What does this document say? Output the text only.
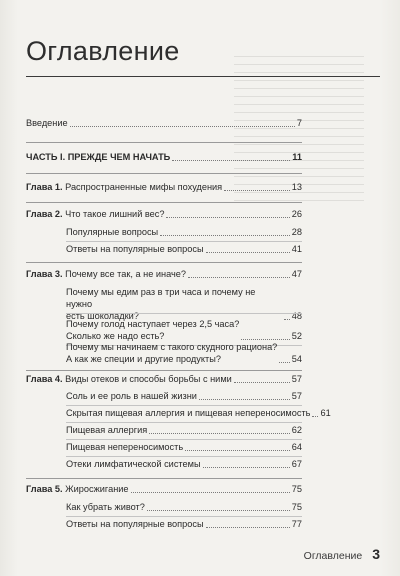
Оглавление
Введение	7
ЧАСТЬ I. ПРЕЖДЕ ЧЕМ НАЧАТЬ	11
Глава 1. Распространенные мифы похудения	13
Глава 2. Что такое лишний вес?	26
Популярные вопросы	28
Ответы на популярные вопросы	41
Глава 3. Почему все так, а не иначе?	47
Почему мы едим раз в три часа и почему не нужно
есть шоколадки?	48
Почему голод наступает через 2,5 часа?
Сколько же надо есть?	52
Почему мы начинаем с такого скудного рациона?
А как же специи и другие продукты?	54
Глава 4. Виды отеков и способы борьбы с ними	57
Соль и ее роль в нашей жизни	57
Скрытая пищевая аллергия и пищевая непереносимость 61
Пищевая аллергия	62
Пищевая непереносимость	64
Отеки лимфатической системы	67
Глава 5. Жиросжигание	75
Как убрать живот?	75
Ответы на популярные вопросы	77
Оглавление 3
